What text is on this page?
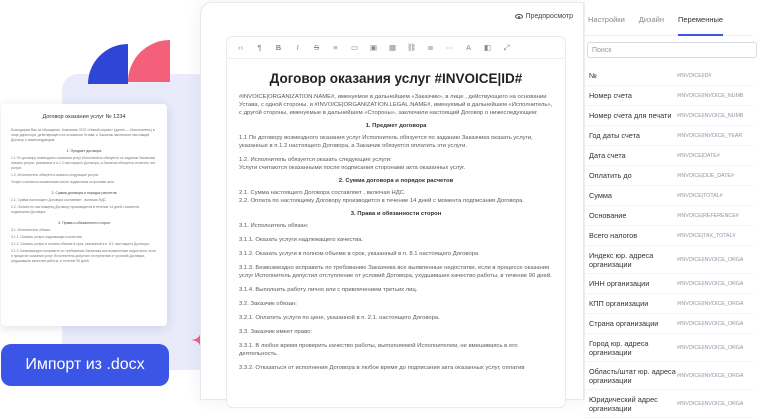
Договор оказания услуг № 1234
Благодарим Вас за обращение. Компания ООО «Новый сервис» (далее — Исполнитель) в лице директора, действующего на основании Устава, и Заказчик заключили настоящий Договор о нижеследующем:
1. Предмет договора
1.1 По договору возмездного оказания услуг Исполнитель обязуется по заданию Заказчика оказать услуги, указанные в п.1.2 настоящего Договора, а Заказчик обязуется оплатить эти услуги.
1.2. Исполнитель обязуется оказать следующие услуги:
Услуги считаются оказанными после подписания сторонами акта.
2. Сумма договора и порядок расчетов
2.1. Сумма настоящего Договора составляет , включая НДС.
2.2. Оплата по настоящему Договору производится в течение 14 дней с момента подписания Договора.
3. Права и обязанности сторон
3.1. Исполнитель обязан:
3.1.1. Оказать услуги надлежащего качества.
3.1.2. Оказать услуги в полном объеме в срок, указанный в п. 8.1 настоящего Договора.
3.1.3. Безвозмездно исправить по требованию Заказчика все выявленные недостатки, если в процессе оказания услуг Исполнитель допустил отступление от условий Договора, ухудшившее качество работы, в течение 90 дней.
Импорт из .docx
Предпросмотр
‹›	¶	B	I	S	≡	▭	▣	▦	⛓	≣	⋯	A	◧	⤢
Договор оказания услуг #INVOICE|ID#
#INVOICE|ORGANIZATION.NAME#, именуемое в дальнейшем «Заказчик», в лице , действующего на основании Устава, с одной стороны, и #INVOICE|ORGANIZATION.LEGAL.NAME#, именуемый в дальнейшем «Исполнитель», с другой стороны, именуемые в дальнейшем «Стороны», заключили настоящий Договор о нижеследующем:
1. Предмет договора
1.1 По договору возмездного оказания услуг Исполнитель обязуется по заданию Заказчика оказать услуги, указанные в п.1.2 настоящего Договора, а Заказчик обязуется оплатить эти услуги.
1.2. Исполнитель обязуется оказать следующие услуги:
Услуги считаются оказанными после подписания сторонами акта оказанных услуг.
2. Сумма договора и порядок расчетов
2.1. Сумма настоящего Договора составляет , включая НДС.
2.2. Оплата по настоящему Договору производится в течение 14 дней с момента подписания Договора.
3. Права и обязанности сторон
3.1. Исполнитель обязан:
3.1.1. Оказать услуги надлежащего качества.
3.1.2. Оказать услуги в полном объеме в срок, указанный в п. 8.1 настоящего Договора
3.1.3. Безвозмездно исправить по требованию Заказчика все выявленные недостатки, если в процессе оказания услуг Исполнитель допустил отступление от условий Договора, ухудшившее качество работы, в течение 90 дней.
3.1.4. Выполнить работу лично или с привлечением третьих лиц.
3.2. Заказчик обязан:
3.2.1. Оплатить услуги по цене, указанной в п. 2.1. настоящего Договора.
3.3. Заказчик имеет право:
3.3.1. В любое время проверить качество работы, выполняемой Исполнителем, не вмешиваясь в его деятельность.
3.3.2. Отказаться от исполнения Договора в любое время до подписания акта оказанных услуг, оплатив
Настройки Дизайн Переменные
Поиск
№	#INVOICE|ID#
Номер счета	#INVOICE|INVOICE_NUMB
Номер счета для печати	#INVOICE|INVOICE_NUMB
Год даты счета	#INVOICE|INVOICE_YEAR
Дата счета	#INVOICE|DATE#
Оплатить до	#INVOICE|DUE_DATE#
Сумма	#INVOICE|TOTAL#
Основание	#INVOICE|REFERENCE#
Всего налогов	#INVOICE|TAX_TOTAL#
Индекс юр. адреса организации	#INVOICE|INVOICE_ORGA
ИНН организации	#INVOICE|INVOICE_ORGA
КПП организации	#INVOICE|INVOICE_ORGA
Страна организации	#INVOICE|INVOICE_ORGA
Город юр. адреса организации	#INVOICE|INVOICE_ORGA
Область/штат юр. адреса организации	#INVOICE|INVOICE_ORGA
Юридический адрес организации	#INVOICE|INVOICE_ORGA
